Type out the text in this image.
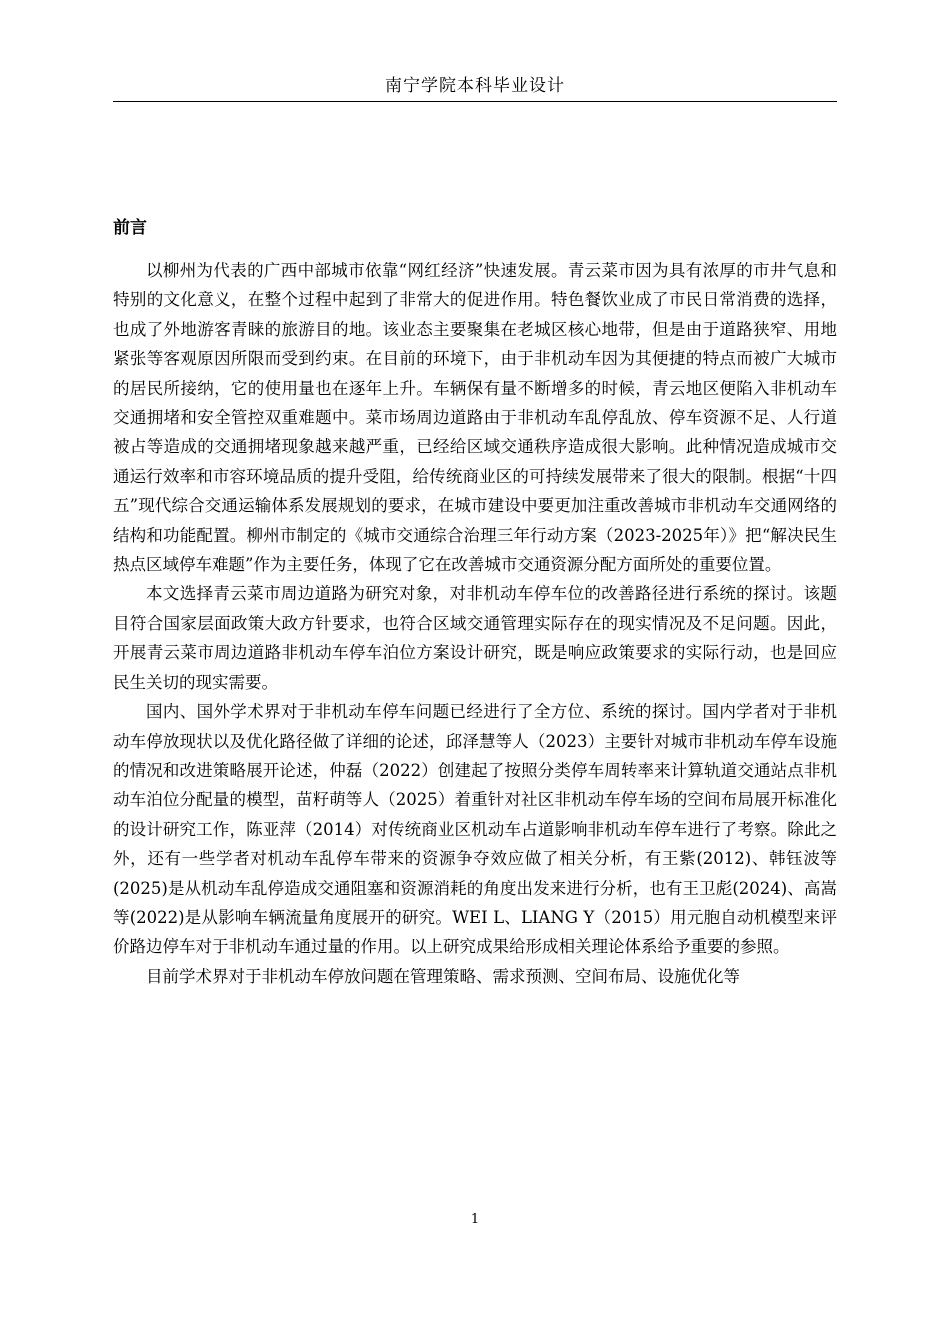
南宁学院本科毕业设计
前言

以柳州为代表的广西中部城市依靠“网红经济”快速发展。青云菜市因为具有浓厚的市井气息和特别的文化意义，在整个过程中起到了非常大的促进作用。特色餐饮业成了市民日常消费的选择，也成了外地游客青睐的旅游目的地。该业态主要聚集在老城区核心地带，但是由于道路狭窄、用地紧张等客观原因所限而受到约束。在目前的环境下，由于非机动车因为其便捷的特点而被广大城市的居民所接纳，它的使用量也在逐年上升。车辆保有量不断增多的时候，青云地区便陷入非机动车交通拥堵和安全管控双重难题中。菜市场周边道路由于非机动车乱停乱放、停车资源不足、人行道被占等造成的交通拥堵现象越来越严重，已经给区域交通秩序造成很大影响。此种情况造成城市交通运行效率和市容环境品质的提升受阻，给传统商业区的可持续发展带来了很大的限制。根据“十四五”现代综合交通运输体系发展规划的要求，在城市建设中要更加注重改善城市非机动车交通网络的结构和功能配置。柳州市制定的《城市交通综合治理三年行动方案（2023-2025年）》把“解决民生热点区域停车难题”作为主要任务，体现了它在改善城市交通资源分配方面所处的重要位置。

本文选择青云菜市周边道路为研究对象，对非机动车停车位的改善路径进行系统的探讨。该题目符合国家层面政策大政方针要求，也符合区域交通管理实际存在的现实情况及不足问题。因此，开展青云菜市周边道路非机动车停车泊位方案设计研究，既是响应政策要求的实际行动，也是回应民生关切的现实需要。

国内、国外学术界对于非机动车停车问题已经进行了全方位、系统的探讨。国内学者对于非机动车停放现状以及优化路径做了详细的论述，邱泽慧等人（2023）主要针对城市非机动车停车设施的情况和改进策略展开论述，仲磊（2022）创建起了按照分类停车周转率来计算轨道交通站点非机动车泊位分配量的模型，苗籽萌等人（2025）着重针对社区非机动车停车场的空间布局展开标准化的设计研究工作，陈亚萍（2014）对传统商业区机动车占道影响非机动车停车进行了考察。除此之外，还有一些学者对机动车乱停车带来的资源争夺效应做了相关分析，有王紫(2012)、韩钰波等(2025)是从机动车乱停造成交通阻塞和资源消耗的角度出发来进行分析，也有王卫彪(2024)、高嵩等(2022)是从影响车辆流量角度展开的研究。WEI L、LIANG Y（2015）用元胞自动机模型来评价路边停车对于非机动车通过量的作用。以上研究成果给形成相关理论体系给予重要的参照。

目前学术界对于非机动车停放问题在管理策略、需求预测、空间布局、设施优化等

1
